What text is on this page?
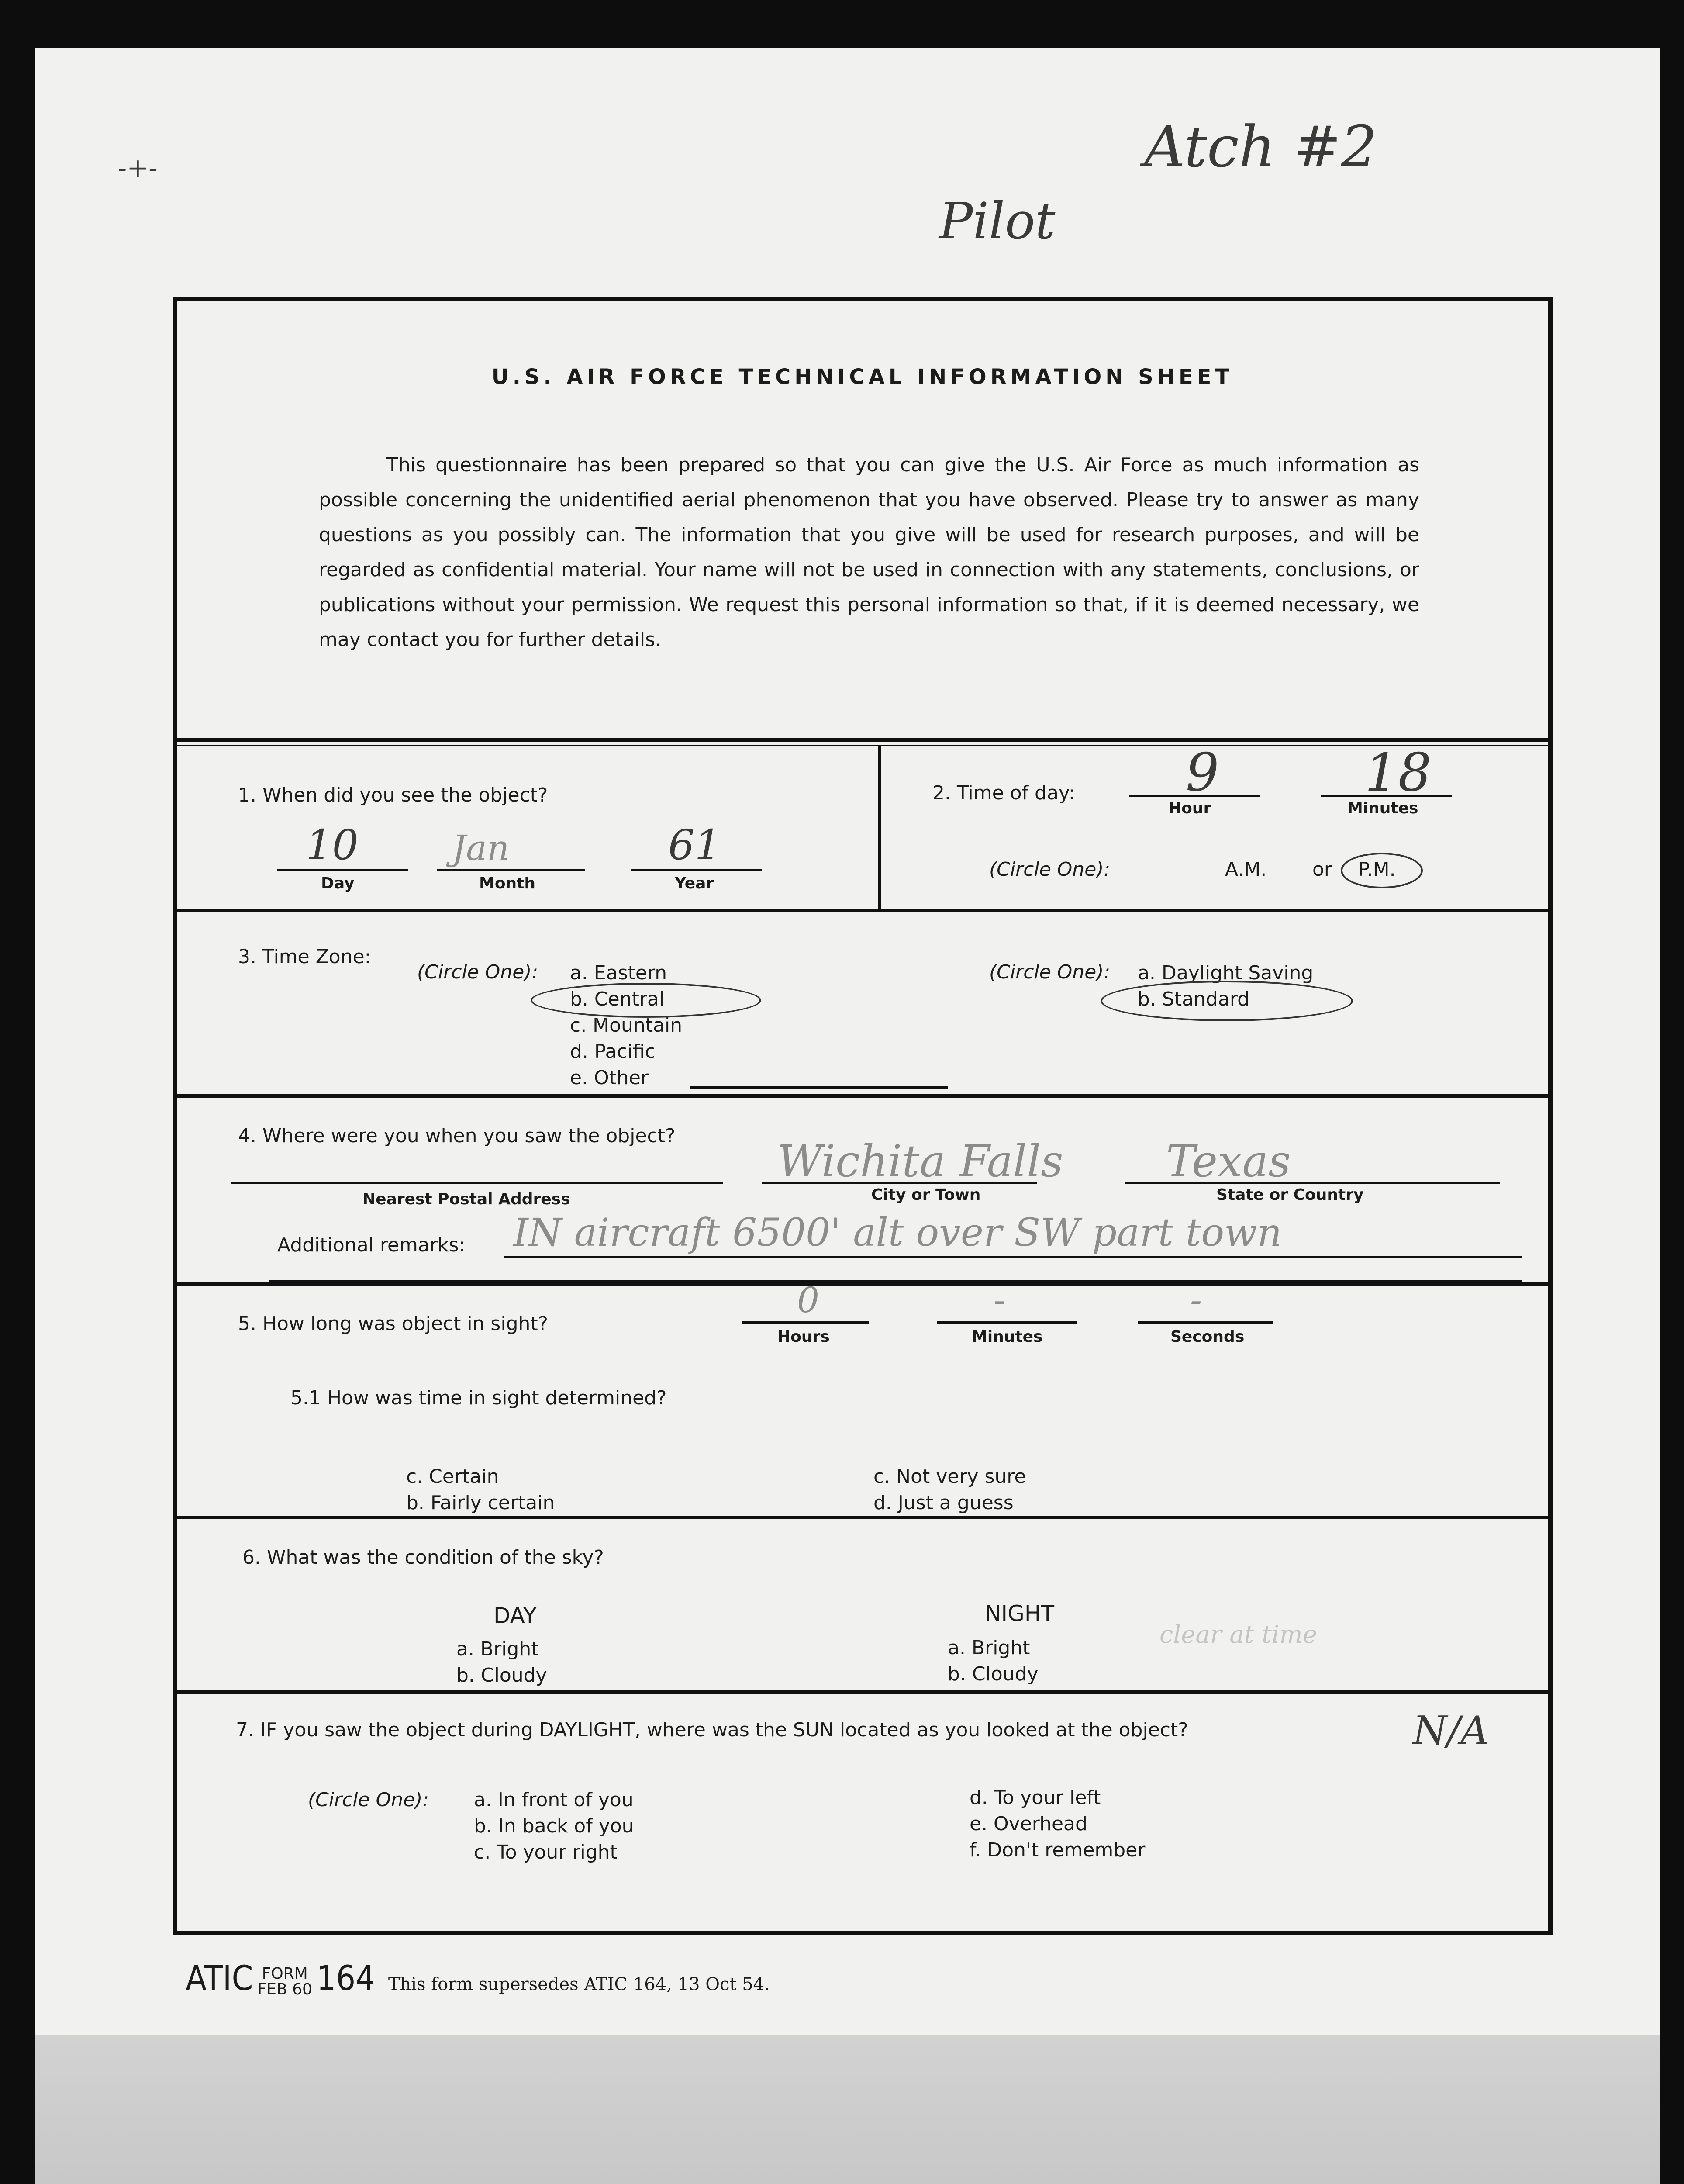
-+-	Atch #2
Pilot
U.S. AIR FORCE TECHNICAL INFORMATION SHEET
This questionnaire has been prepared so that you can give the U.S. Air Force as much information as possible concerning the unidentified aerial phenomenon that you have observed. Please try to answer as many questions as you possibly can. The information that you give will be used for research purposes, and will be regarded as confidential material. Your name will not be used in connection with any statements, conclusions, or publications without your permission. We request this personal information so that, if it is deemed necessary, we may contact you for further details.
1. When did you see the object?
10
Day
Jan
Month
61
Year
2. Time of day: 9
Hour
18
Minutes
(Circle One):	A.M. or P.M.
3. Time Zone:
(Circle One): a. Eastern
b. Central
c. Mountain
d. Pacific
e. Other
(Circle One): a. Daylight Saving
b. Standard
4. Where were you when you saw the object?
Nearest Postal Address
Wichita Falls
City or Town
Texas
State or Country
Additional remarks: IN aircraft 6500' alt over SW part town
5. How long was object in sight?
0
Hours
-
Minutes
-
Seconds
5.1 How was time in sight determined?
c. Certain
b. Fairly certain
c. Not very sure
d. Just a guess
6. What was the condition of the sky?
DAY
a. Bright
b. Cloudy
NIGHT
a. Bright
b. Cloudy
clear at time
7. IF you saw the object during DAYLIGHT, where was the SUN located as you looked at the object?	N/A
(Circle One): a. In front of you
b. In back of you
c. To your right
d. To your left
e. Overhead
f. Don't remember
ATIC FORM
FEB 60 164 This form supersedes ATIC 164, 13 Oct 54.
